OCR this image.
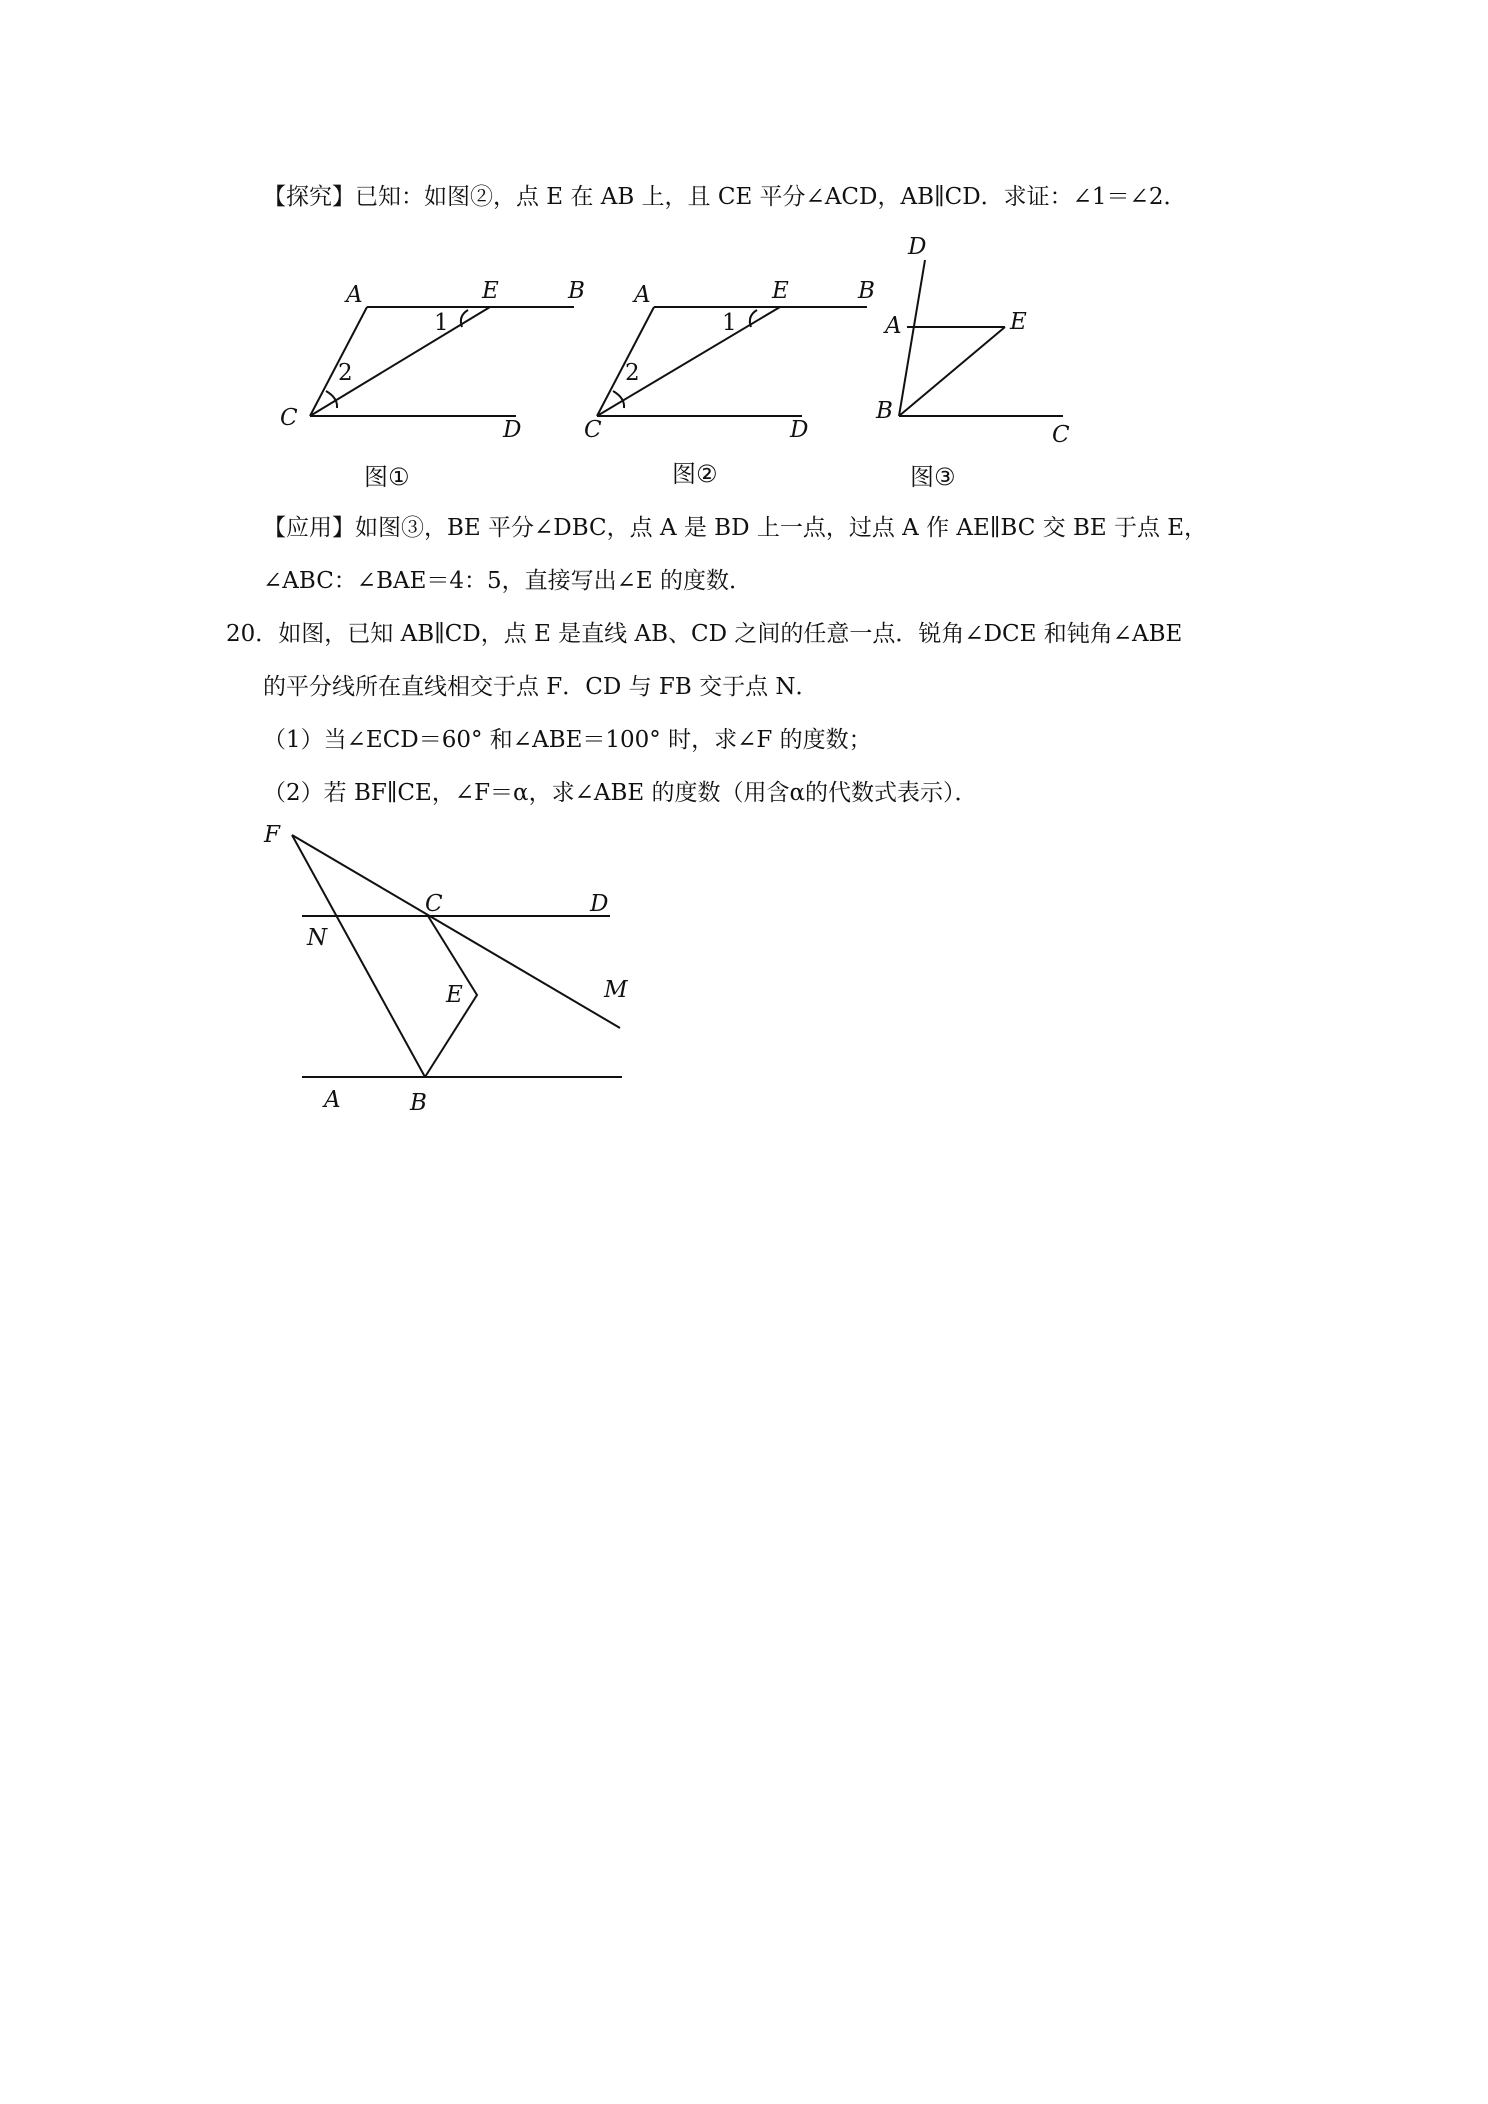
【探究】已知：如图②，点 E 在 AB 上，且 CE 平分∠ACD，AB∥CD．求证：∠1＝∠2．
A	E	B
C	D
1
2
图①
A	E	B
C	D
1
2
图②
D
A	E
B
C
图③
【应用】如图③，BE 平分∠DBC，点 A 是 BD 上一点，过点 A 作 AE∥BC 交 BE 于点 E，
∠ABC：∠BAE＝4：5，直接写出∠E 的度数．
20．如图，已知 AB∥CD，点 E 是直线 AB、CD 之间的任意一点．锐角∠DCE 和钝角∠ABE
的平分线所在直线相交于点 F．CD 与 FB 交于点 N．
（1）当∠ECD＝60° 和∠ABE＝100° 时，求∠F 的度数；
（2）若 BF∥CE，∠F＝α，求∠ABE 的度数（用含α的代数式表示）．
F
C	D
N
E	M
A	B
